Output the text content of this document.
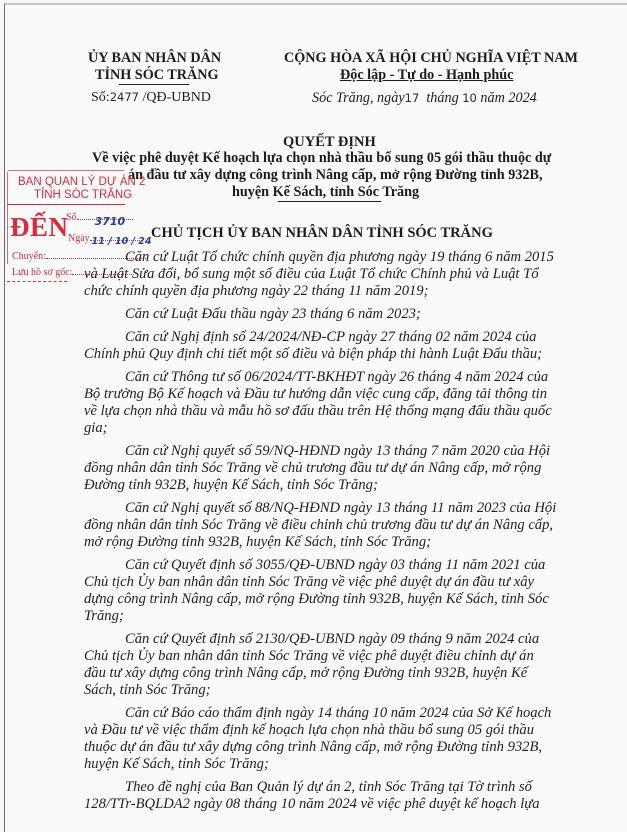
ỦY BAN NHÂN DÂN
TỈNH SÓC TRĂNG
Số:2477 /QĐ-UBND
CỘNG HÒA XÃ HỘI CHỦ NGHĨA VIỆT NAM
Độc lập - Tự do - Hạnh phúc
Sóc Trăng, ngày17 tháng 10 năm 2024
QUYẾT ĐỊNH
Về việc phê duyệt Kế hoạch lựa chọn nhà thầu bổ sung 05 gói thầu thuộc dự
án đầu tư xây dựng công trình Nâng cấp, mở rộng Đường tỉnh 932B,
huyện Kế Sách, tỉnh Sóc Trăng
CHỦ TỊCH ỦY BAN NHÂN DÂN TỈNH SÓC TRĂNG
BAN QUAN LÝ DỰ ÁN 2
TỈNH SÓC TRĂNG
ĐẾN
Số 3710
Ngày 11 / 10 / 24
Chuyển:
Lưu hồ sơ gốc:
Căn cứ Luật Tổ chức chính quyền địa phương ngày 19 tháng 6 năm 2015
và Luật Sửa đổi, bổ sung một số điều của Luật Tổ chức Chính phủ và Luật Tổ
chức chính quyền địa phương ngày 22 tháng 11 năm 2019;
Căn cứ Luật Đấu thầu ngày 23 tháng 6 năm 2023;
Căn cứ Nghị định số 24/2024/NĐ-CP ngày 27 tháng 02 năm 2024 của
Chính phủ Quy định chi tiết một số điều và biện pháp thi hành Luật Đấu thầu;
Căn cứ Thông tư số 06/2024/TT-BKHĐT ngày 26 tháng 4 năm 2024 của
Bộ trưởng Bộ Kế hoạch và Đầu tư hướng dẫn việc cung cấp, đăng tải thông tin
về lựa chọn nhà thầu và mẫu hồ sơ đấu thầu trên Hệ thống mạng đấu thầu quốc
gia;
Căn cứ Nghị quyết số 59/NQ-HĐND ngày 13 tháng 7 năm 2020 của Hội
đồng nhân dân tỉnh Sóc Trăng về chủ trương đầu tư dự án Nâng cấp, mở rộng
Đường tỉnh 932B, huyện Kế Sách, tỉnh Sóc Trăng;
Căn cứ Nghị quyết số 88/NQ-HĐND ngày 13 tháng 11 năm 2023 của Hội
đồng nhân dân tỉnh Sóc Trăng về điều chỉnh chủ trương đầu tư dự án Nâng cấp,
mở rộng Đường tỉnh 932B, huyện Kế Sách, tỉnh Sóc Trăng;
Căn cứ Quyết định số 3055/QĐ-UBND ngày 03 tháng 11 năm 2021 của
Chủ tịch Ủy ban nhân dân tỉnh Sóc Trăng về việc phê duyệt dự án đầu tư xây
dựng công trình Nâng cấp, mở rộng Đường tỉnh 932B, huyện Kế Sách, tỉnh Sóc
Trăng;
Căn cứ Quyết định số 2130/QĐ-UBND ngày 09 tháng 9 năm 2024 của
Chủ tịch Ủy ban nhân dân tỉnh Sóc Trăng về việc phê duyệt điều chỉnh dự án
đầu tư xây dựng công trình Nâng cấp, mở rộng Đường tỉnh 932B, huyện Kế
Sách, tỉnh Sóc Trăng;
Căn cứ Báo cáo thẩm định ngày 14 tháng 10 năm 2024 của Sở Kế hoạch
và Đầu tư về việc thẩm định kế hoạch lựa chọn nhà thầu bổ sung 05 gói thầu
thuộc dự án đầu tư xây dựng công trình Nâng cấp, mở rộng Đường tỉnh 932B,
huyện Kế Sách, tỉnh Sóc Trăng;
Theo đề nghị của Ban Quản lý dự án 2, tỉnh Sóc Trăng tại Tờ trình số
128/TTr-BQLDA2 ngày 08 tháng 10 năm 2024 về việc phê duyệt kế hoạch lựa
